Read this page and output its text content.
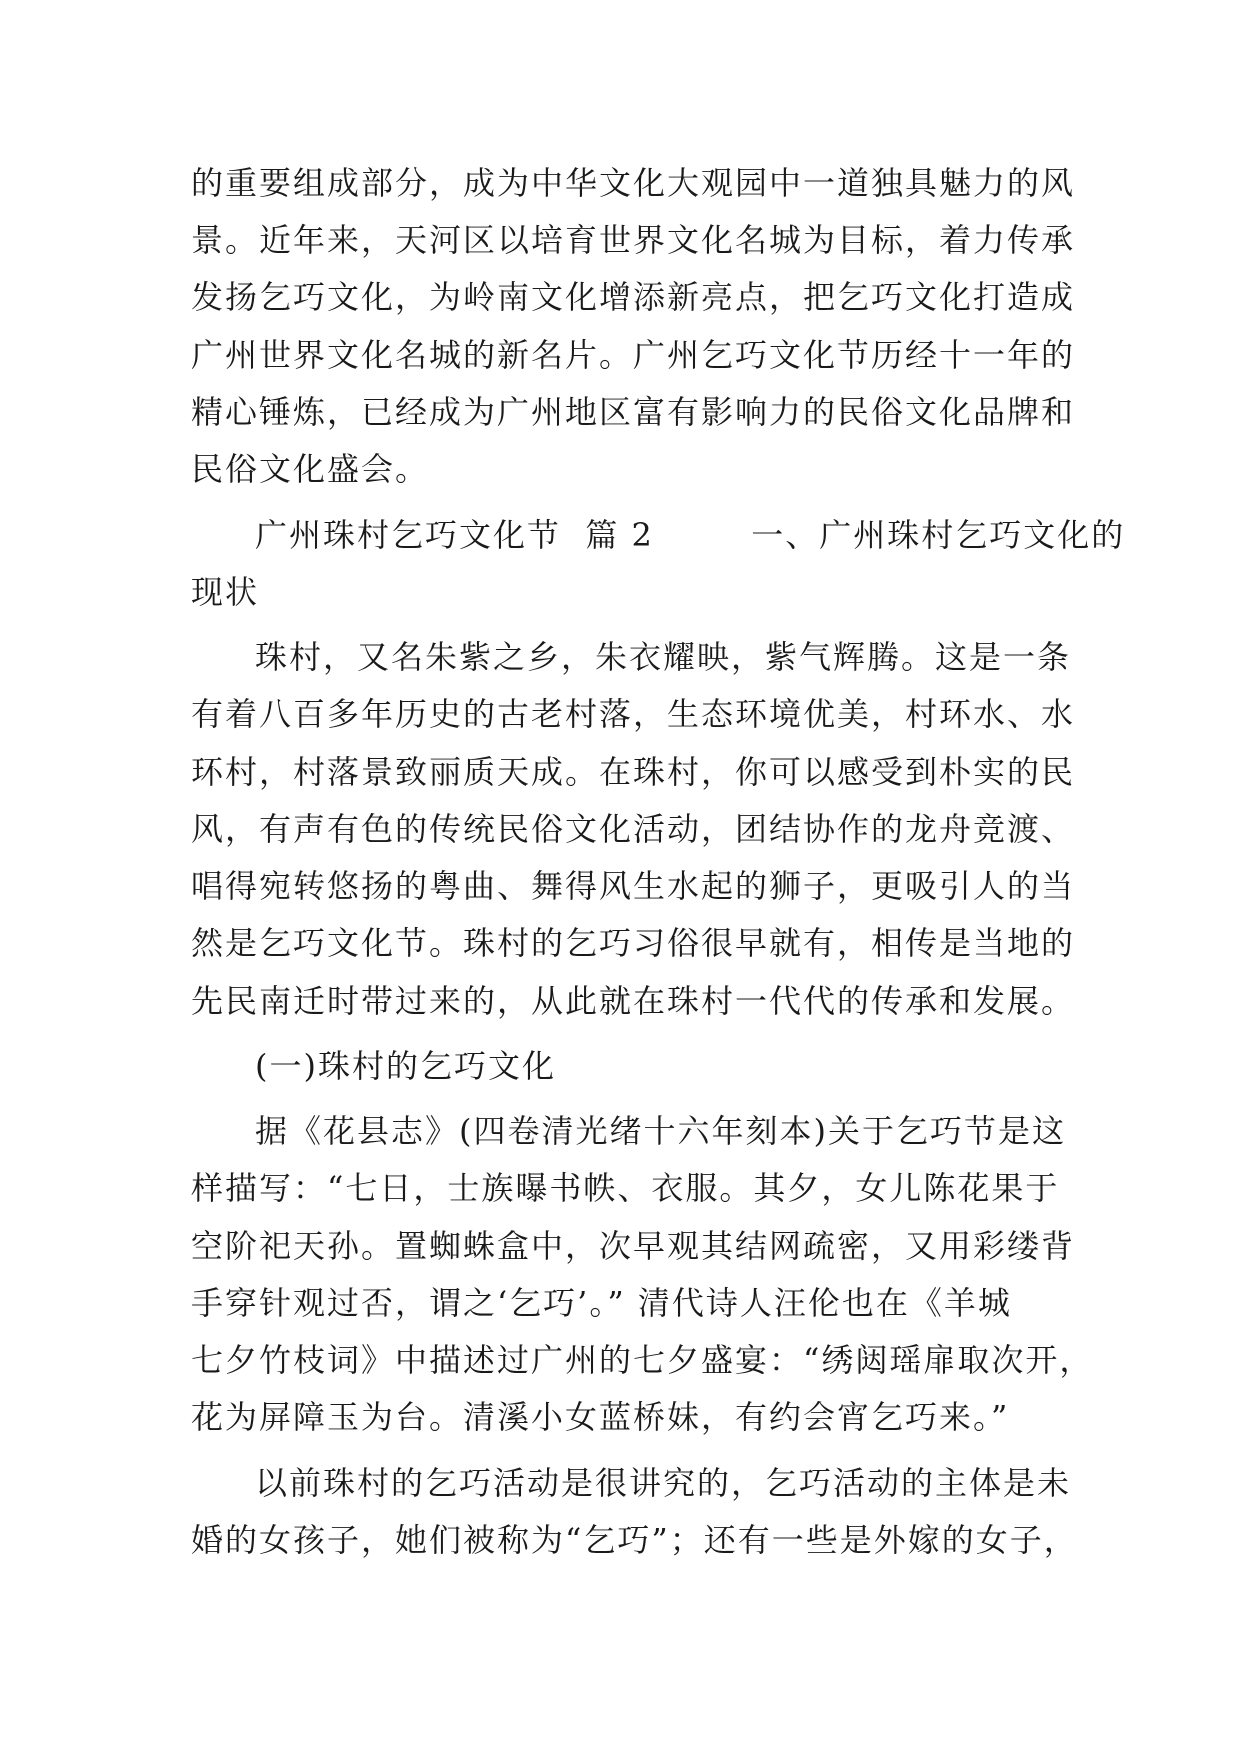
的重要组成部分，成为中华文化大观园中一道独具魅力的风
景。近年来，天河区以培育世界文化名城为目标，着力传承
发扬乞巧文化，为岭南文化增添新亮点，把乞巧文化打造成
广州世界文化名城的新名片。广州乞巧文化节历经十一年的
精心锤炼，已经成为广州地区富有影响力的民俗文化品牌和
民俗文化盛会。
广州珠村乞巧文化节  篇 2        一、广州珠村乞巧文化的
现状
珠村，又名朱紫之乡，朱衣耀映，紫气辉腾。这是一条
有着八百多年历史的古老村落，生态环境优美，村环水、水
环村，村落景致丽质天成。在珠村，你可以感受到朴实的民
风，有声有色的传统民俗文化活动，团结协作的龙舟竞渡、
唱得宛转悠扬的粤曲、舞得风生水起的狮子，更吸引人的当
然是乞巧文化节。珠村的乞巧习俗很早就有，相传是当地的
先民南迁时带过来的，从此就在珠村一代代的传承和发展。
(一)珠村的乞巧文化
据《花县志》(四卷清光绪十六年刻本)关于乞巧节是这
样描写：“七日，士族曝书帙、衣服。其夕，女儿陈花果于
空阶祀天孙。置蜘蛛盒中，次早观其结网疏密，又用彩缕背
手穿针观过否，谓之‘乞巧’。” 清代诗人汪伦也在《羊城
七夕竹枝词》中描述过广州的七夕盛宴：“绣闼瑶扉取次开，
花为屏障玉为台。清溪小女蓝桥妹，有约会宵乞巧来。”
以前珠村的乞巧活动是很讲究的，乞巧活动的主体是未
婚的女孩子，她们被称为“乞巧”；还有一些是外嫁的女子，
